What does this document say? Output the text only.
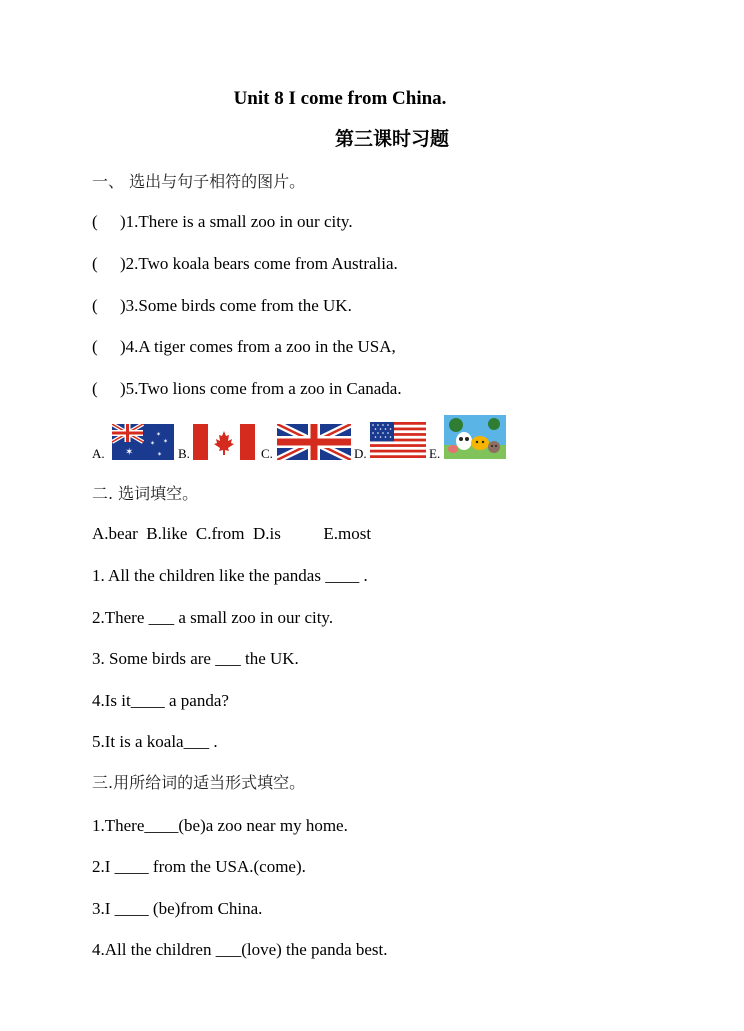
Unit 8 I come from China.
第三课时习题
一、 选出与句子相符的图片。
( )1.There is a small zoo in our city.
( )2.Two koala bears come from Australia.
( )3.Some birds come from the UK.
( )4.A tiger comes from a zoo in the USA,
( )5.Two lions come from a zoo in Canada.
A. ✶
✶
✶
✶
✶ B.	C.	D.	E.
二. 选词填空。
A.bear  B.like  C.from  D.is          E.most
1. All the children like the pandas ____ .
2.There ___ a small zoo in our city.
3. Some birds are ___ the UK.
4.Is it____ a panda?
5.It is a koala___ .
三.用所给词的适当形式填空。
1.There____(be)a zoo near my home.
2.I ____ from the USA.(come).
3.I ____ (be)from China.
4.All the children ___(love) the panda best.
